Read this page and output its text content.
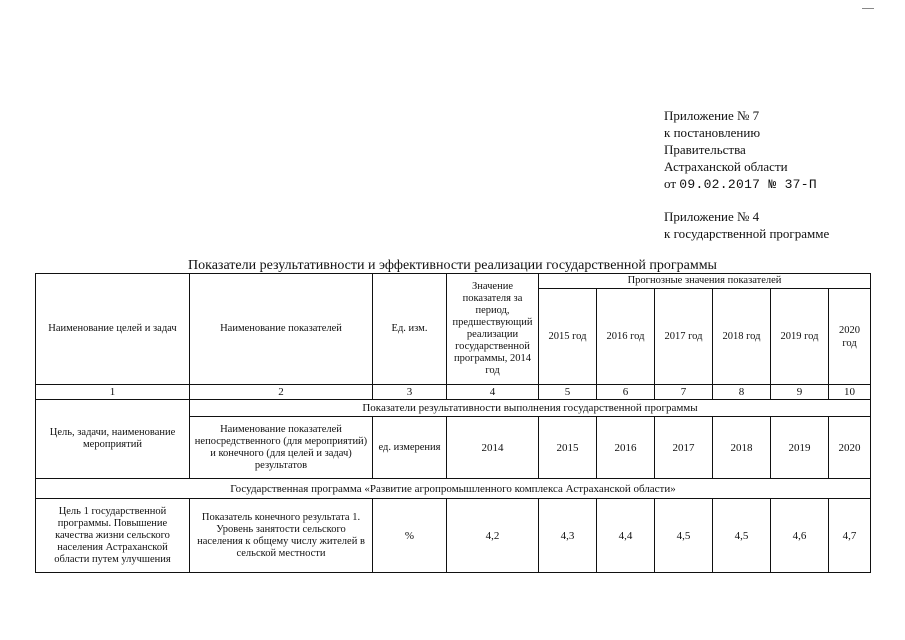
Приложение № 7
к постановлению
Правительства
Астраханской области
от 09.02.2017 № 37-П
Приложение № 4
к государственной программе
Показатели результативности и эффективности реализации государственной программы
Наименование целей и задач	Наименование показателей	Ед. изм.	Значение показателя за период, предшествующий реализации государственной программы, 2014 год	Прогнозные значения показателей					
				2015 год	2016 год	2017 год	2018 год	2019 год	2020 год
1	2	3	4	5	6	7	8	9	10
Цель, задачи, наименование мероприятий	Показатели результативности выполнения государственной программы								
	Наименование показателей непосредственного (для мероприятий) и конечного (для целей и задач) результатов	ед. измерения	2014	2015	2016	2017	2018	2019	2020
Государственная программа «Развитие агропромышленного комплекса Астраханской области»									
Цель 1 государственной программы. Повышение качества жизни сельского населения Астраханской области путем улучшения	Показатель конечного результата 1. Уровень занятости сельского населения к общему числу жителей в сельской местности	%	4,2	4,3	4,4	4,5	4,5	4,6	4,7
